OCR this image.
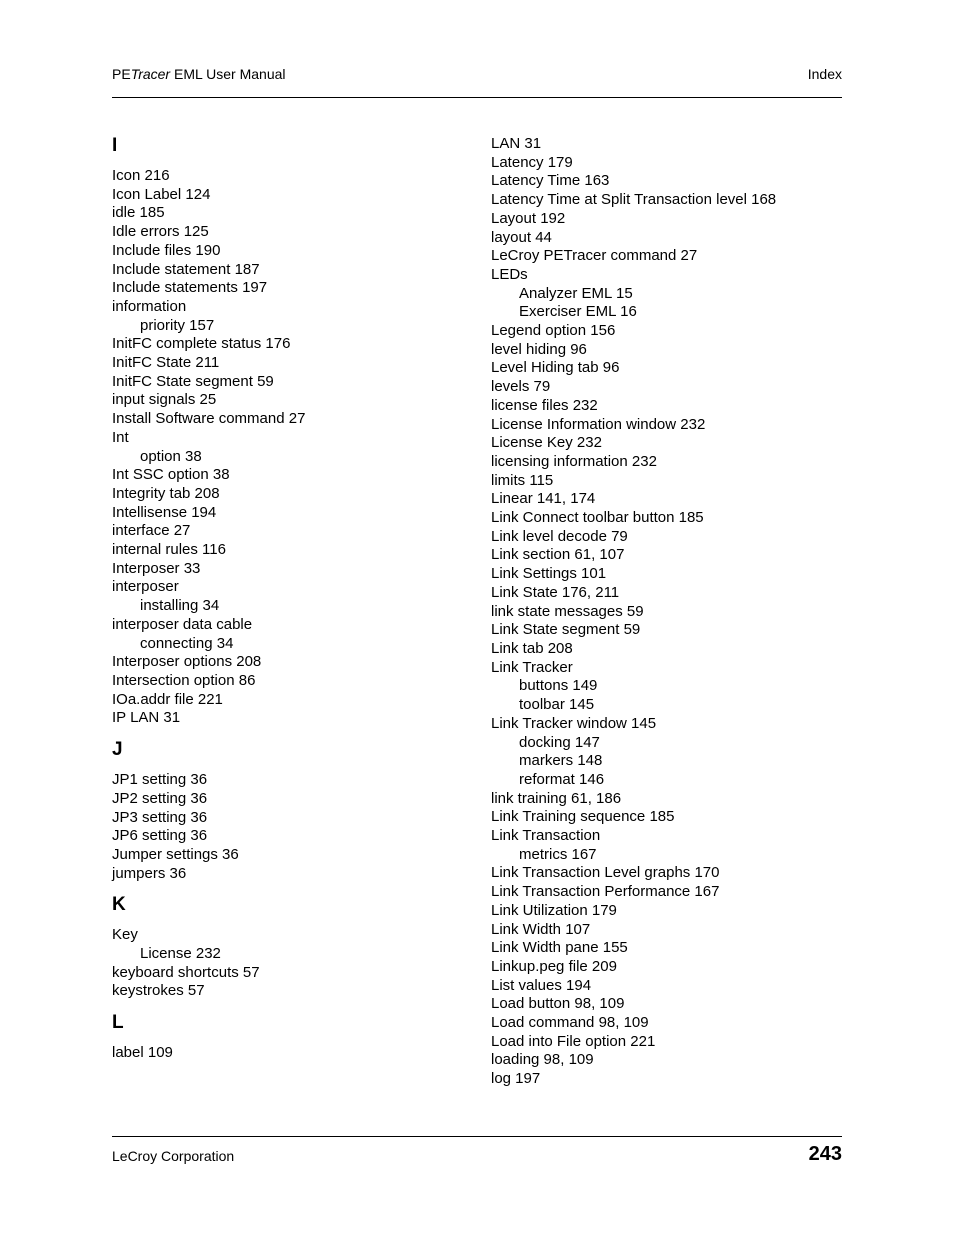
PETracer EML User Manual	Index
I
Icon 216
Icon Label 124
idle 185
Idle errors 125
Include files 190
Include statement 187
Include statements 197
information
priority 157
InitFC complete status 176
InitFC State 211
InitFC State segment 59
input signals 25
Install Software command 27
Int
option 38
Int SSC option 38
Integrity tab 208
Intellisense 194
interface 27
internal rules 116
Interposer 33
interposer
installing 34
interposer data cable
connecting 34
Interposer options 208
Intersection option 86
IOa.addr file 221
IP LAN 31
J
JP1 setting 36
JP2 setting 36
JP3 setting 36
JP6 setting 36
Jumper settings 36
jumpers 36
K
Key
License 232
keyboard shortcuts 57
keystrokes 57
L
label 109
LAN 31
Latency 179
Latency Time 163
Latency Time at Split Transaction level 168
Layout 192
layout 44
LeCroy PETracer command 27
LEDs
Analyzer EML 15
Exerciser EML 16
Legend option 156
level hiding 96
Level Hiding tab 96
levels 79
license files 232
License Information window 232
License Key 232
licensing information 232
limits 115
Linear 141, 174
Link Connect toolbar button 185
Link level decode 79
Link section 61, 107
Link Settings 101
Link State 176, 211
link state messages 59
Link State segment 59
Link tab 208
Link Tracker
buttons 149
toolbar 145
Link Tracker window 145
docking 147
markers 148
reformat 146
link training 61, 186
Link Training sequence 185
Link Transaction
metrics 167
Link Transaction Level graphs 170
Link Transaction Performance 167
Link Utilization 179
Link Width 107
Link Width pane 155
Linkup.peg file 209
List values 194
Load button 98, 109
Load command 98, 109
Load into File option 221
loading 98, 109
log 197
LeCroy Corporation	243
